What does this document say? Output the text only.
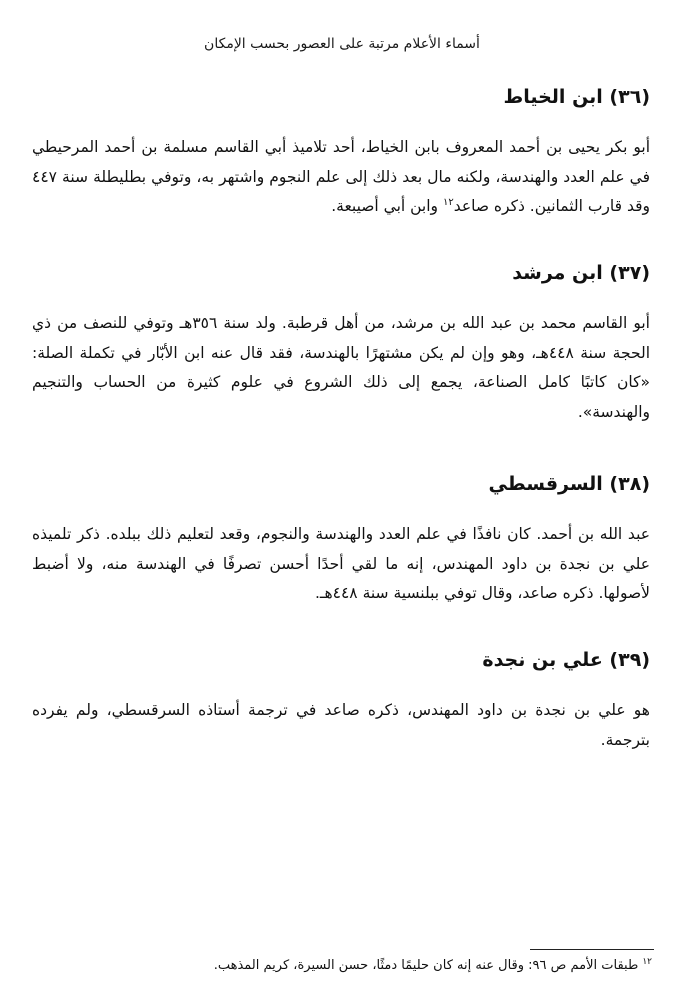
أسماء الأعلام مرتبة على العصور بحسب الإمكان
(٣٦) ابن الخياط

أبو بكر يحيى بن أحمد المعروف بابن الخياط، أحد تلاميذ أبي القاسم مسلمة بن أحمد المرحيطي في علم العدد والهندسة، ولكنه مال بعد ذلك إلى علم النجوم واشتهر به، وتوفي بطليطلة سنة ٤٤٧ وقد قارب الثمانين. ذكره صاعد$^{١٢}$ وابن أبي أصيبعة.

(٣٧) ابن مرشد

أبو القاسم محمد بن عبد الله بن مرشد، من أهل قرطبة. ولد سنة ٣٥٦هـ وتوفي للنصف من ذي الحجة سنة ٤٤٨هـ، وهو وإن لم يكن مشتهرًا بالهندسة، فقد قال عنه ابن الأبّار في تكملة الصلة: «كان كاتبًا كامل الصناعة، يجمع إلى ذلك الشروع في علوم كثيرة من الحساب والتنجيم والهندسة».

(٣٨) السرقسطي

عبد الله بن أحمد. كان نافذًا في علم العدد والهندسة والنجوم، وقعد لتعليم ذلك ببلده. ذكر تلميذه علي بن نجدة بن داود المهندس، إنه ما لقي أحدًا أحسن تصرفًا في الهندسة منه، ولا أضبط لأصولها. ذكره صاعد، وقال توفي ببلنسية سنة ٤٤٨هـ.

(٣٩) علي بن نجدة

هو علي بن نجدة بن داود المهندس، ذكره صاعد في ترجمة أستاذه السرقسطي، ولم يفرده بترجمة.

$^{١٢}$طبقات الأمم ص ٩٦: وقال عنه إنه كان حليمًا دمثًا، حسن السيرة، كريم المذهب.
